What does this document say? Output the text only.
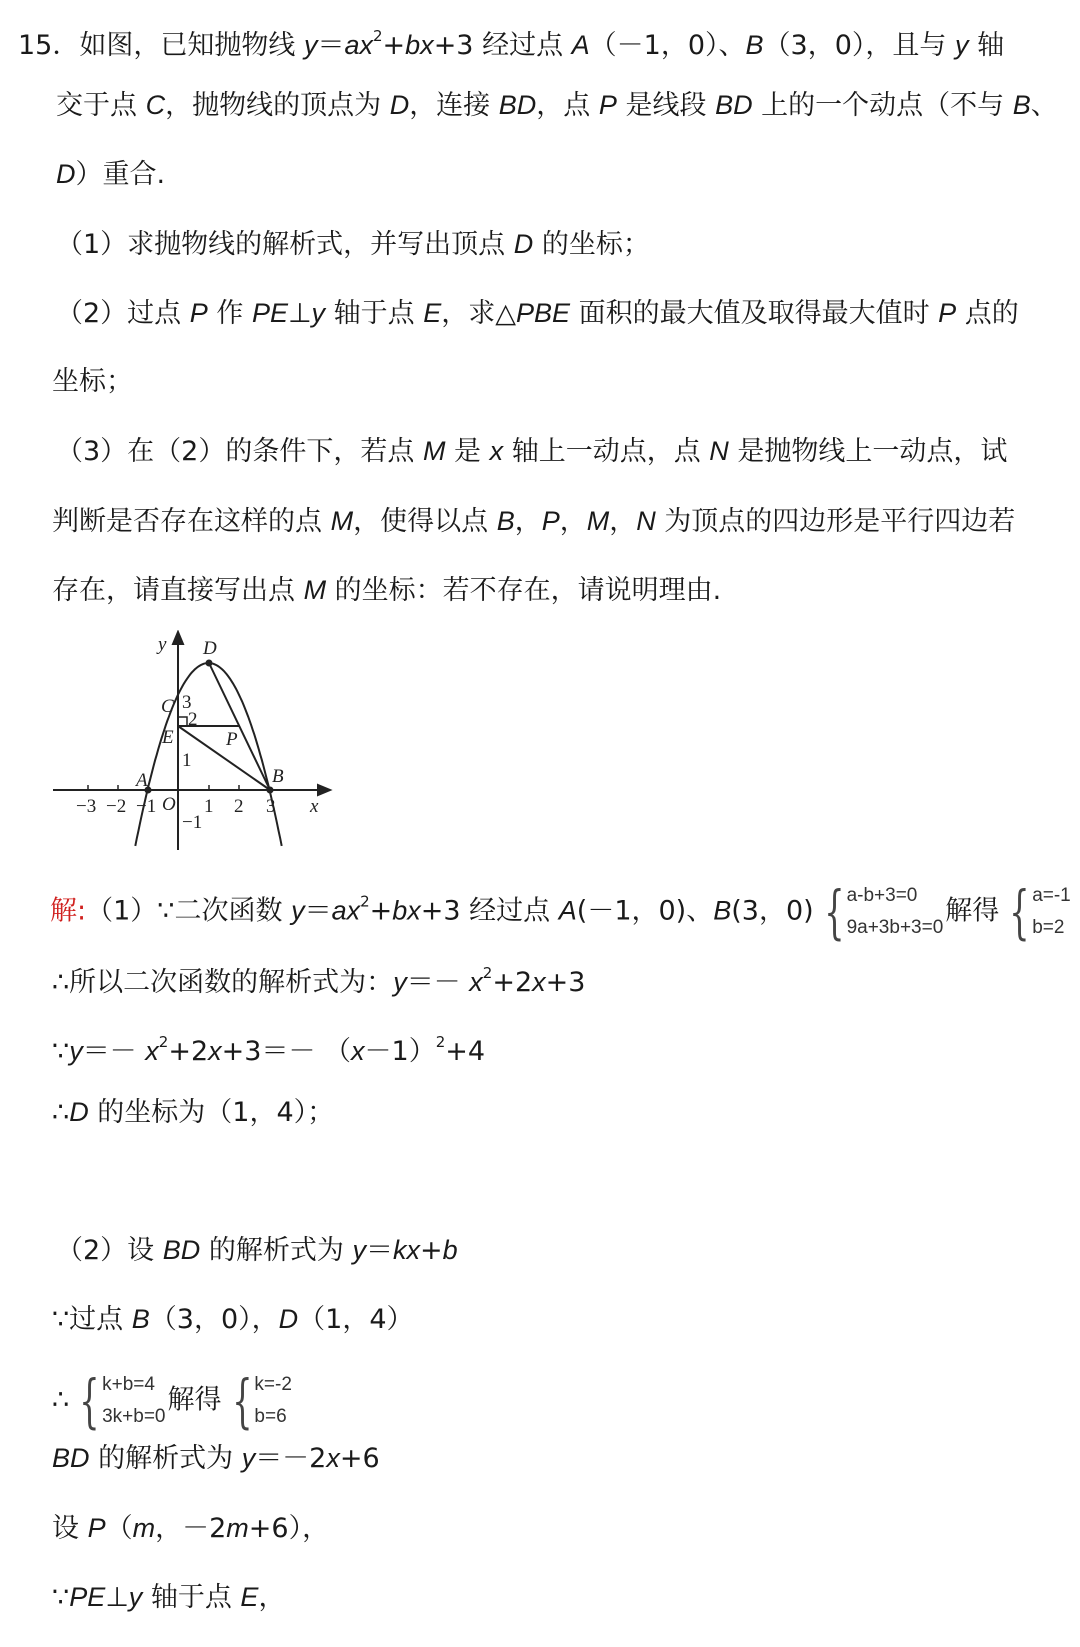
15．如图，已知抛物线 $y=ax^2+bx+3$ 经过点 A（－1，0）、B（3，0），且与 y 轴
交于点 C，抛物线的顶点为 D，连接 BD，点 P 是线段 BD 上的一个动点（不与 B、
D）重合.
（1）求抛物线的解析式，并写出顶点 D 的坐标；
（2）过点 P 作 PE⊥y 轴于点 E，求△PBE 面积的最大值及取得最大值时 P 点的
坐标；
（3）在（2）的条件下，若点 M 是 x 轴上一动点，点 N 是抛物线上一动点，试
判断是否存在这样的点 M，使得以点 B，P，M，N 为顶点的四边形是平行四边若
存在，请直接写出点 M 的坐标：若不存在，请说明理由.
解:（1）∵二次函数 $y=ax^2+bx+3$ 经过点 A(－1，0)、B(3，0) { a-b+3=0
9a+3b+3=0
解得 { a=-1
b=2
∴所以二次函数的解析式为：$y=- x^2+2x+3$
∵y＝－ $x^2+2x+3=- (x-1)^2+4$
∴D 的坐标为（1，4）；
（2）设 BD 的解析式为 y＝kx+b
∵过点 B（3，0），D（1，4）
∴ { k+b=4
3k+b=0
解得 { k=-2
b=6
BD 的解析式为 y＝－2x+6
设 P（m，－2m+6），
∵PE⊥y 轴于点 E，
y
x
O
A	B
C
D
E	P
−3 −2 −1	1 2 3
3
2
1
−1
